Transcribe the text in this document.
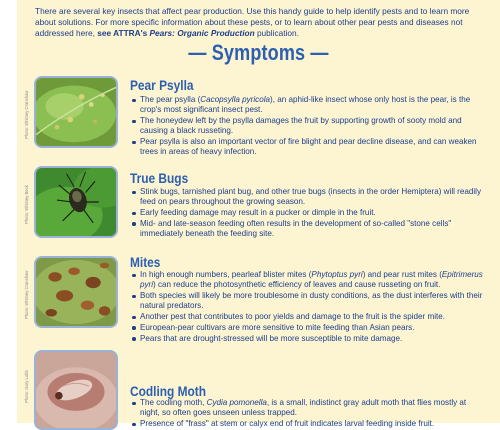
There are several key insects that affect pear production. Use this handy guide to help identify pests and to learn more about solutions. For more specific information about these pests, or to learn about other pear pests and diseases not addressed here, see ATTRA's Pears: Organic Production publication.
— Symptoms —
Photo: Whitney Cranshaw
Pear Psylla
The pear psylla (Cacopsylla pyricola), an aphid-like insect whose only host is the pear, is the crop's most significant insect pest.
The honeydew left by the psylla damages the fruit by supporting growth of sooty mold and causing a black russeting.
Pear psylla is also an important vector of fire blight and pear decline disease, and can weaken trees in areas of heavy infection.
Photo: Whitney Beck
True Bugs
Stink bugs, tarnished plant bug, and other true bugs (insects in the order Hemiptera) will readily feed on pears throughout the growing season.
Early feeding damage may result in a pucker or dimple in the fruit.
Mid- and late-season feeding often results in the development of so-called "stone cells" immediately beneath the feeding site.
Photo: Whitney Cranshaw
Mites
In high enough numbers, pearleaf blister mites (Phytoptus pyri) and pear rust mites (Epitrimerus pyri) can reduce the photosynthetic efficiency of leaves and cause russeting on fruit.
Both species will likely be more troublesome in dusty conditions, as the dust interferes with their natural predators.
Another pest that contributes to poor yields and damage to the fruit is the spider mite.
European-pear cultivars are more sensitive to mite feeding than Asian pears.
Pears that are drought-stressed will be more susceptible to mite damage.
Photo: Gary Lobb	Codling Moth
The codling moth, Cydia pomonella, is a small, indistinct gray adult moth that flies mostly at night, so often goes unseen unless trapped.
Presence of "frass" at stem or calyx end of fruit indicates larval feeding inside fruit.
